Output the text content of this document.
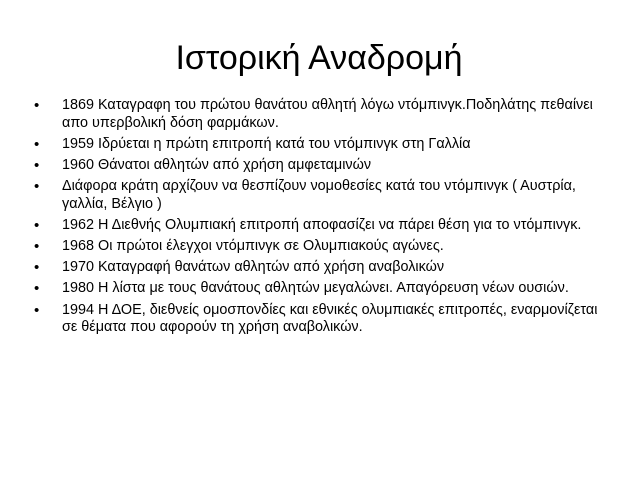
Ιστορική Αναδρομή
• 1869 Καταγραφη του πρώτου θανάτου αθλητή λόγω ντόμπινγκ.Ποδηλάτης πεθαίνει απο υπερβολική δόση φαρμάκων.
• 1959 Ιδρύεται η πρώτη επιτροπή κατά του ντόμπινγκ στη Γαλλία
• 1960 Θάνατοι αθλητών από χρήση αμφεταμινών
• Διάφορα κράτη αρχίζουν να θεσπίζουν νομοθεσίες κατά του ντόμπινγκ ( Αυστρία, γαλλία, Βέλγιο )
• 1962 Η Διεθνής Ολυμπιακή επιτροπή αποφασίζει να πάρει θέση για το ντόμπινγκ.
• 1968 Οι πρώτοι έλεγχοι ντόμπινγκ σε Ολυμπιακούς αγώνες.
• 1970 Καταγραφή θανάτων αθλητών από χρήση αναβολικών
• 1980 Η λίστα με τους θανάτους αθλητών μεγαλώνει. Απαγόρευση νέων ουσιών.
• 1994 Η ΔΟΕ, διεθνείς ομοσπονδίες και εθνικές ολυμπιακές επιτροπές, εναρμονίζεται σε θέματα που αφορούν τη χρήση αναβολικών.
